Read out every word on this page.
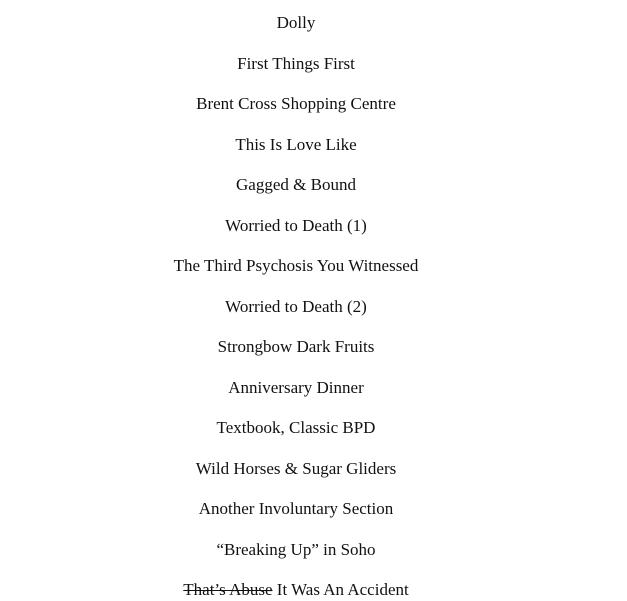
Dolly
First Things First
Brent Cross Shopping Centre
This Is Love Like
Gagged & Bound
Worried to Death (1)
The Third Psychosis You Witnessed
Worried to Death (2)
Strongbow Dark Fruits
Anniversary Dinner
Textbook, Classic BPD
Wild Horses & Sugar Gliders
Another Involuntary Section
“Breaking Up” in Soho
That’s Abuse It Was An Accident
